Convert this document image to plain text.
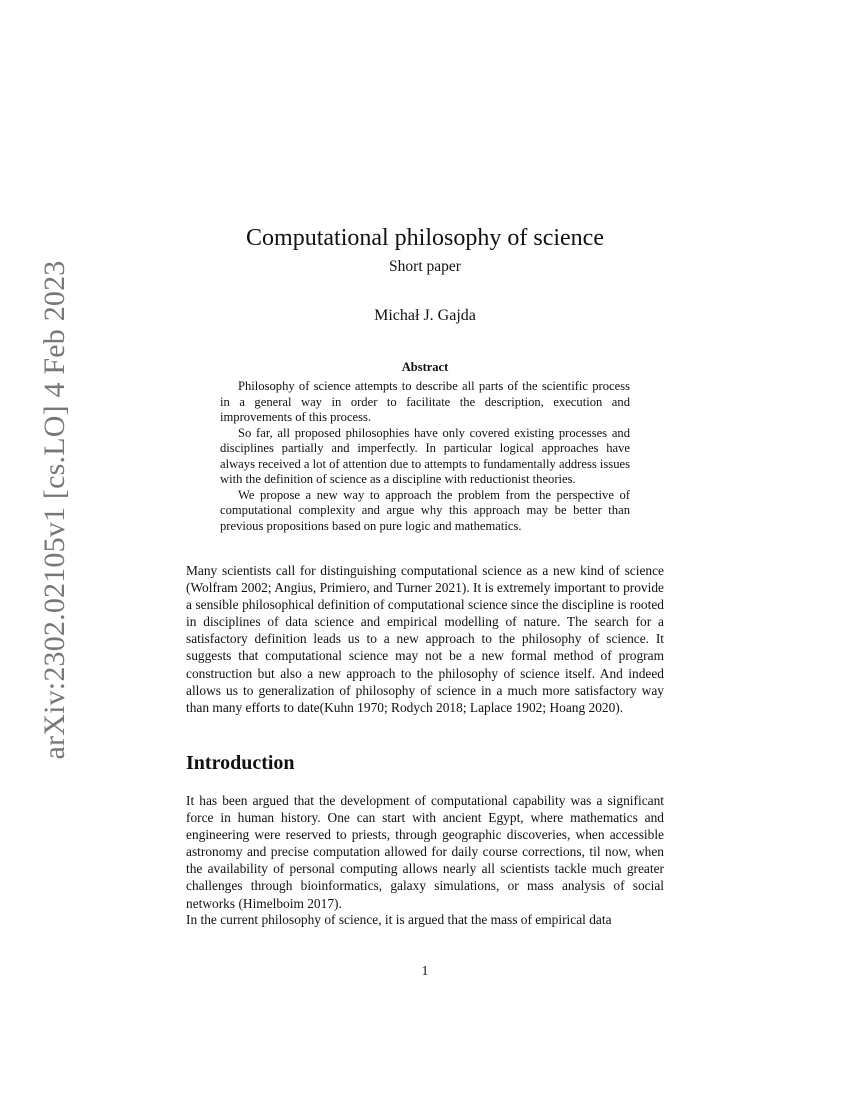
arXiv:2302.02105v1 [cs.LO] 4 Feb 2023
Computational philosophy of science
Short paper
Michał J. Gajda
Abstract

Philosophy of science attempts to describe all parts of the scientific process in a general way in order to facilitate the description, execution and improvements of this process.

So far, all proposed philosophies have only covered existing processes and disciplines partially and imperfectly. In particular logical approaches have always received a lot of attention due to attempts to fundamentally address issues with the definition of science as a discipline with reductionist theories.

We propose a new way to approach the problem from the perspective of computational complexity and argue why this approach may be better than previous propositions based on pure logic and mathematics.

Many scientists call for distinguishing computational science as a new kind of science (Wolfram 2002; Angius, Primiero, and Turner 2021). It is extremely important to provide a sensible philosophical definition of computational science since the discipline is rooted in disciplines of data science and empirical modelling of nature. The search for a satisfactory definition leads us to a new approach to the philosophy of science. It suggests that computational science may not be a new formal method of program construction but also a new approach to the philosophy of science itself. And indeed allows us to generalization of philosophy of science in a much more satisfactory way than many efforts to date(Kuhn 1970; Rodych 2018; Laplace 1902; Hoang 2020).

Introduction

It has been argued that the development of computational capability was a significant force in human history. One can start with ancient Egypt, where mathematics and engineering were reserved to priests, through geographic discoveries, when accessible astronomy and precise computation allowed for daily course corrections, til now, when the availability of personal computing allows nearly all scientists tackle much greater challenges through bioinformatics, galaxy simulations, or mass analysis of social networks (Himelboim 2017).

In the current philosophy of science, it is argued that the mass of empirical data

1
